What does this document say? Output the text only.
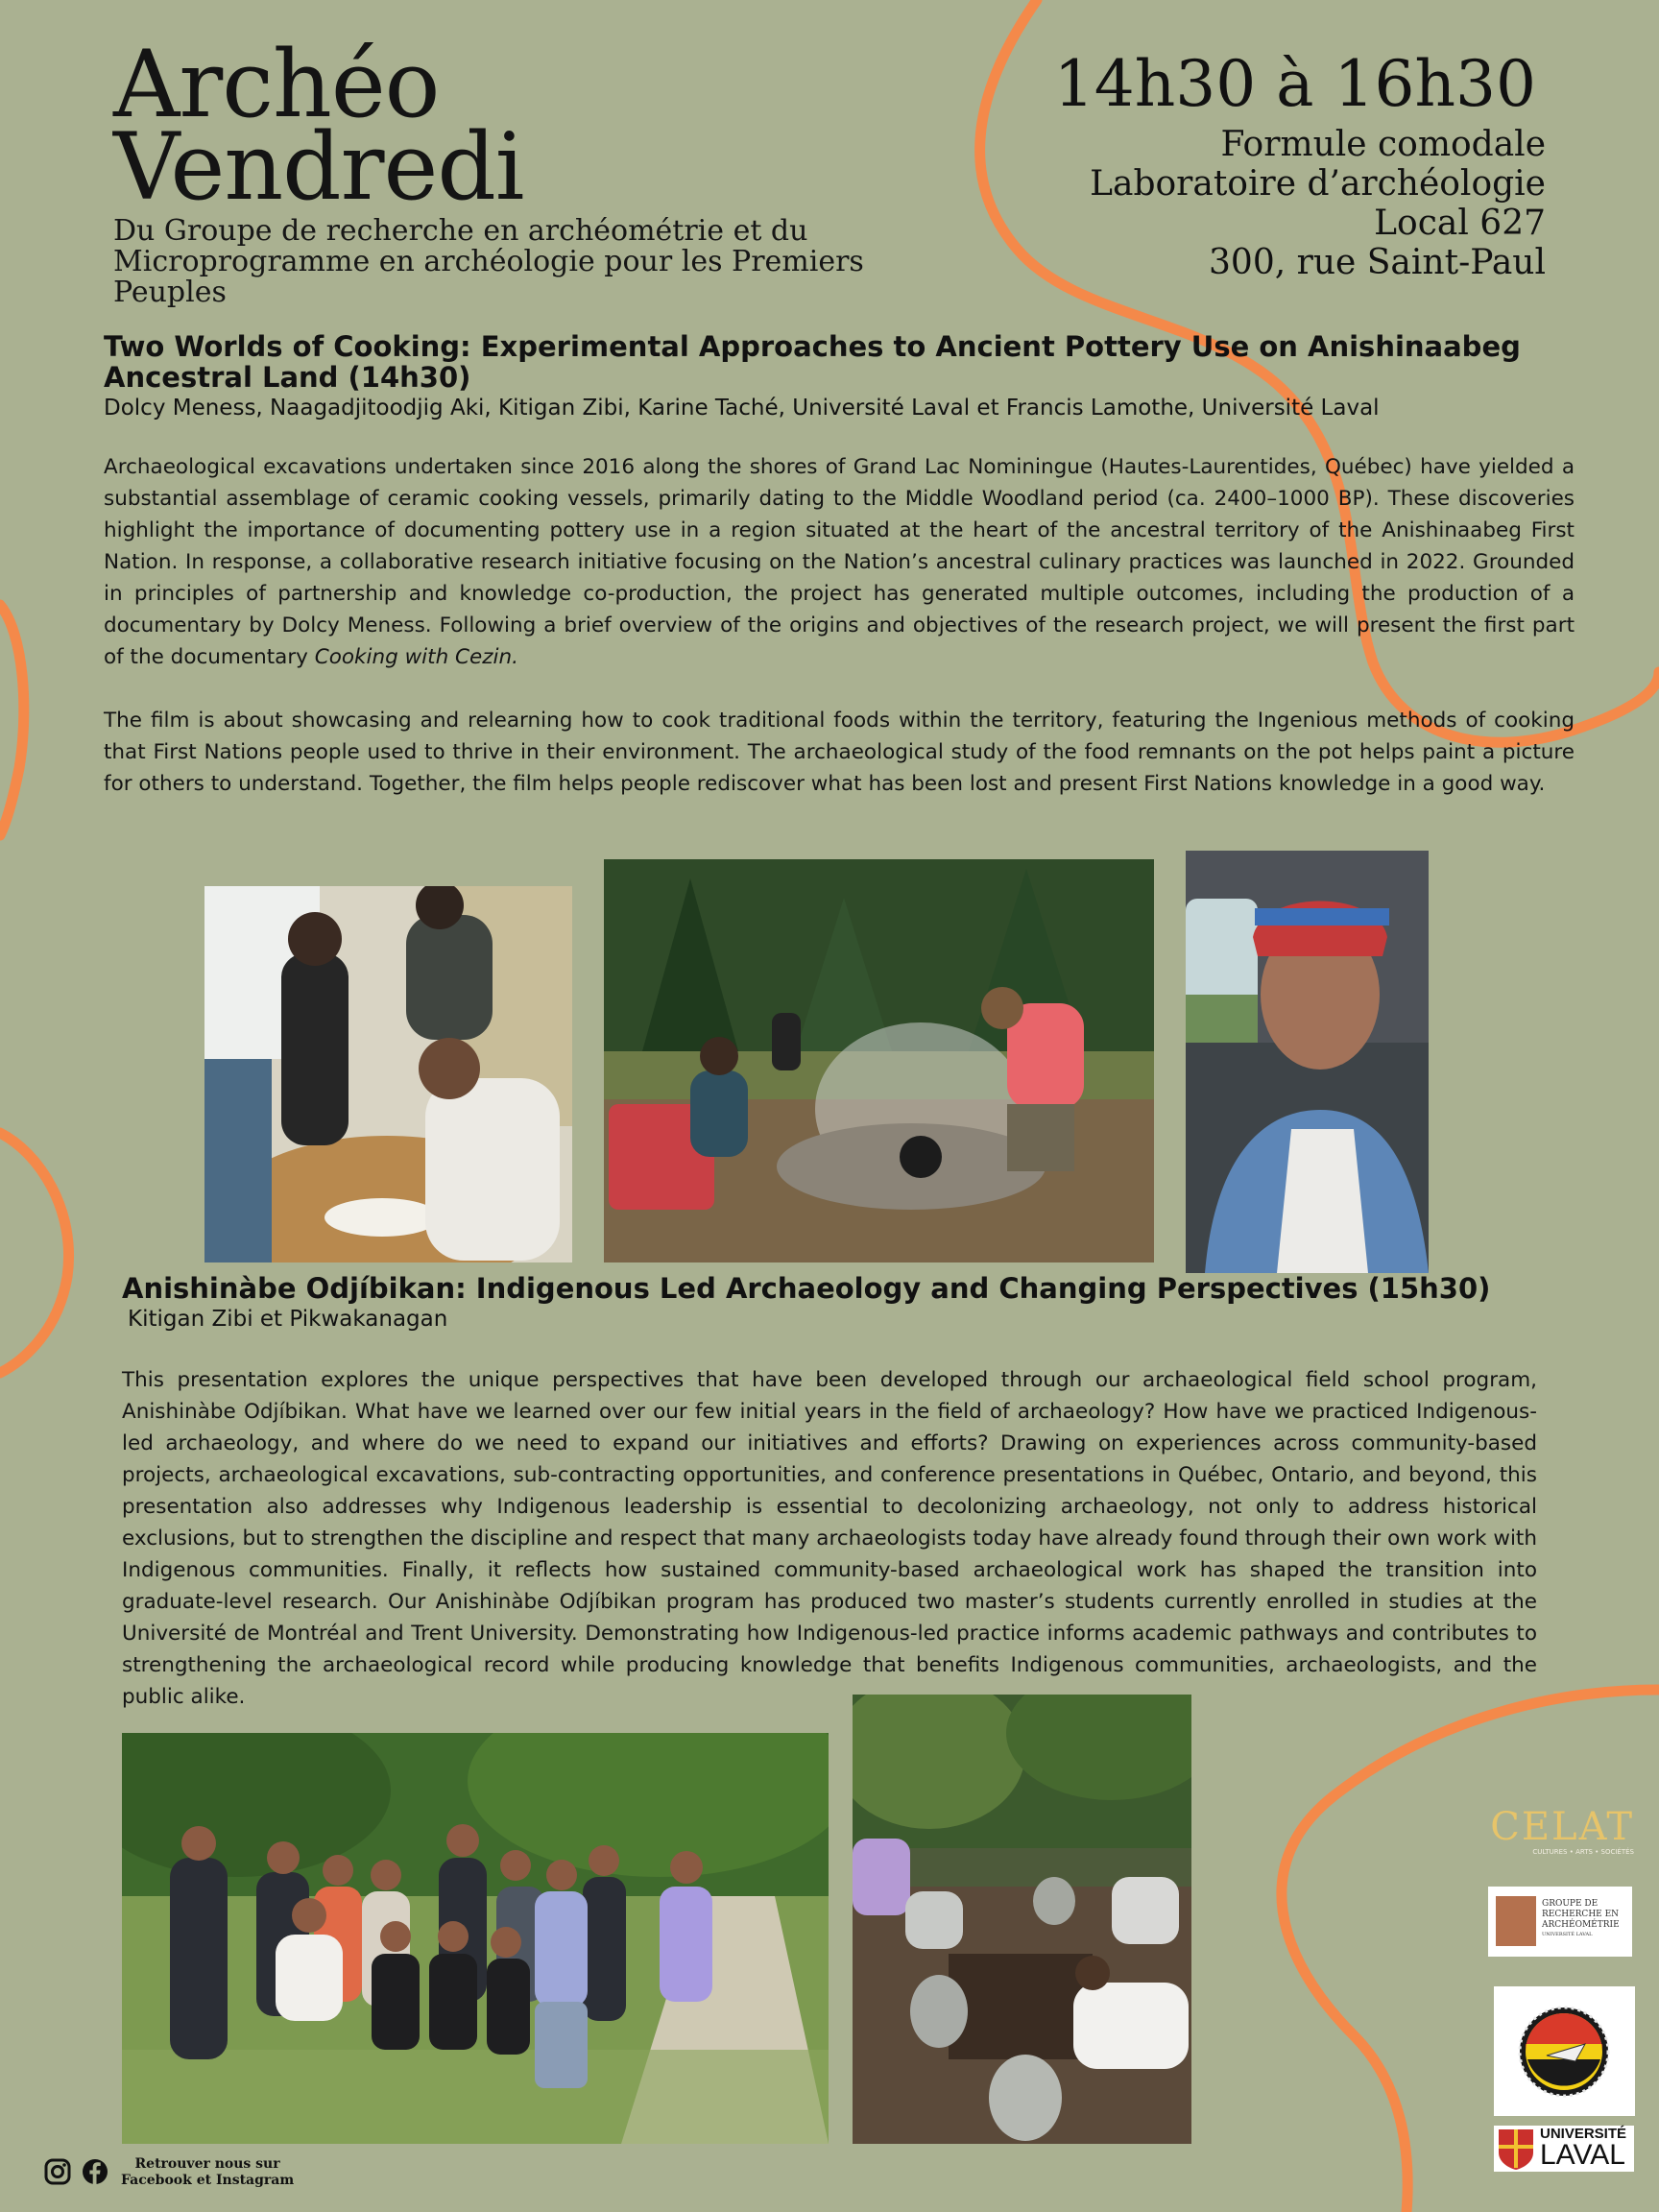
Archéo
Vendredi
Du Groupe de recherche en archéométrie et du Microprogramme en archéologie pour les Premiers Peuples
14h30 à 16h30
Formule comodale
Laboratoire d’archéologie
Local 627
300, rue Saint-Paul
Two Worlds of Cooking: Experimental Approaches to Ancient Pottery Use on Anishinaabeg Ancestral Land (14h30)
Dolcy Meness, Naagadjitoodjig Aki, Kitigan Zibi, Karine Taché, Université Laval et Francis Lamothe, Université Laval

Archaeological excavations undertaken since 2016 along the shores of Grand Lac Nominingue (Hautes-Laurentides, Québec) have yielded a substantial assemblage of ceramic cooking vessels, primarily dating to the Middle Woodland period (ca. 2400–1000 BP). These discoveries highlight the importance of documenting pottery use in a region situated at the heart of the ancestral territory of the Anishinaabeg First Nation. In response, a collaborative research initiative focusing on the Nation’s ancestral culinary practices was launched in 2022. Grounded in principles of partnership and knowledge co-production, the project has generated multiple outcomes, including the production of a documentary by Dolcy Meness. Following a brief overview of the origins and objectives of the research project, we will present the first part of the documentary Cooking with Cezin.

The film is about showcasing and relearning how to cook traditional foods within the territory, featuring the Ingenious methods of cooking that First Nations people used to thrive in their environment. The archaeological study of the food remnants on the pot helps paint a picture for others to understand. Together, the film helps people rediscover what has been lost and present First Nations knowledge in a good way.

Anishinàbe Odjíbikan: Indigenous Led Archaeology and Changing Perspectives (15h30)
Kitigan Zibi et Pikwakanagan

This presentation explores the unique perspectives that have been developed through our archaeological field school program, Anishinàbe Odjíbikan. What have we learned over our few initial years in the field of archaeology? How have we practiced Indigenous-led archaeology, and where do we need to expand our initiatives and efforts? Drawing on experiences across community-based projects, archaeological excavations, sub-contracting opportunities, and conference presentations in Québec, Ontario, and beyond, this presentation also addresses why Indigenous leadership is essential to decolonizing archaeology, not only to address historical exclusions, but to strengthen the discipline and respect that many archaeologists today have already found through their own work with Indigenous communities. Finally, it reflects how sustained community-based archaeological work has shaped the transition into graduate-level research. Our Anishinàbe Odjíbikan program has produced two master’s students currently enrolled in studies at the Université de Montréal and Trent University. Demonstrating how Indigenous-led practice informs academic pathways and contributes to strengthening the archaeological record while producing knowledge that benefits Indigenous communities, archaeologists, and the public alike.

CELAT
CULTURES • ARTS • SOCIÉTÉS
GROUPE DE
RECHERCHE EN
ARCHÉOMÉTRIE
UNIVERSITÉ LAVAL
UNIVERSITÉ
LAVAL
Retrouver nous sur
Facebook et Instagram
